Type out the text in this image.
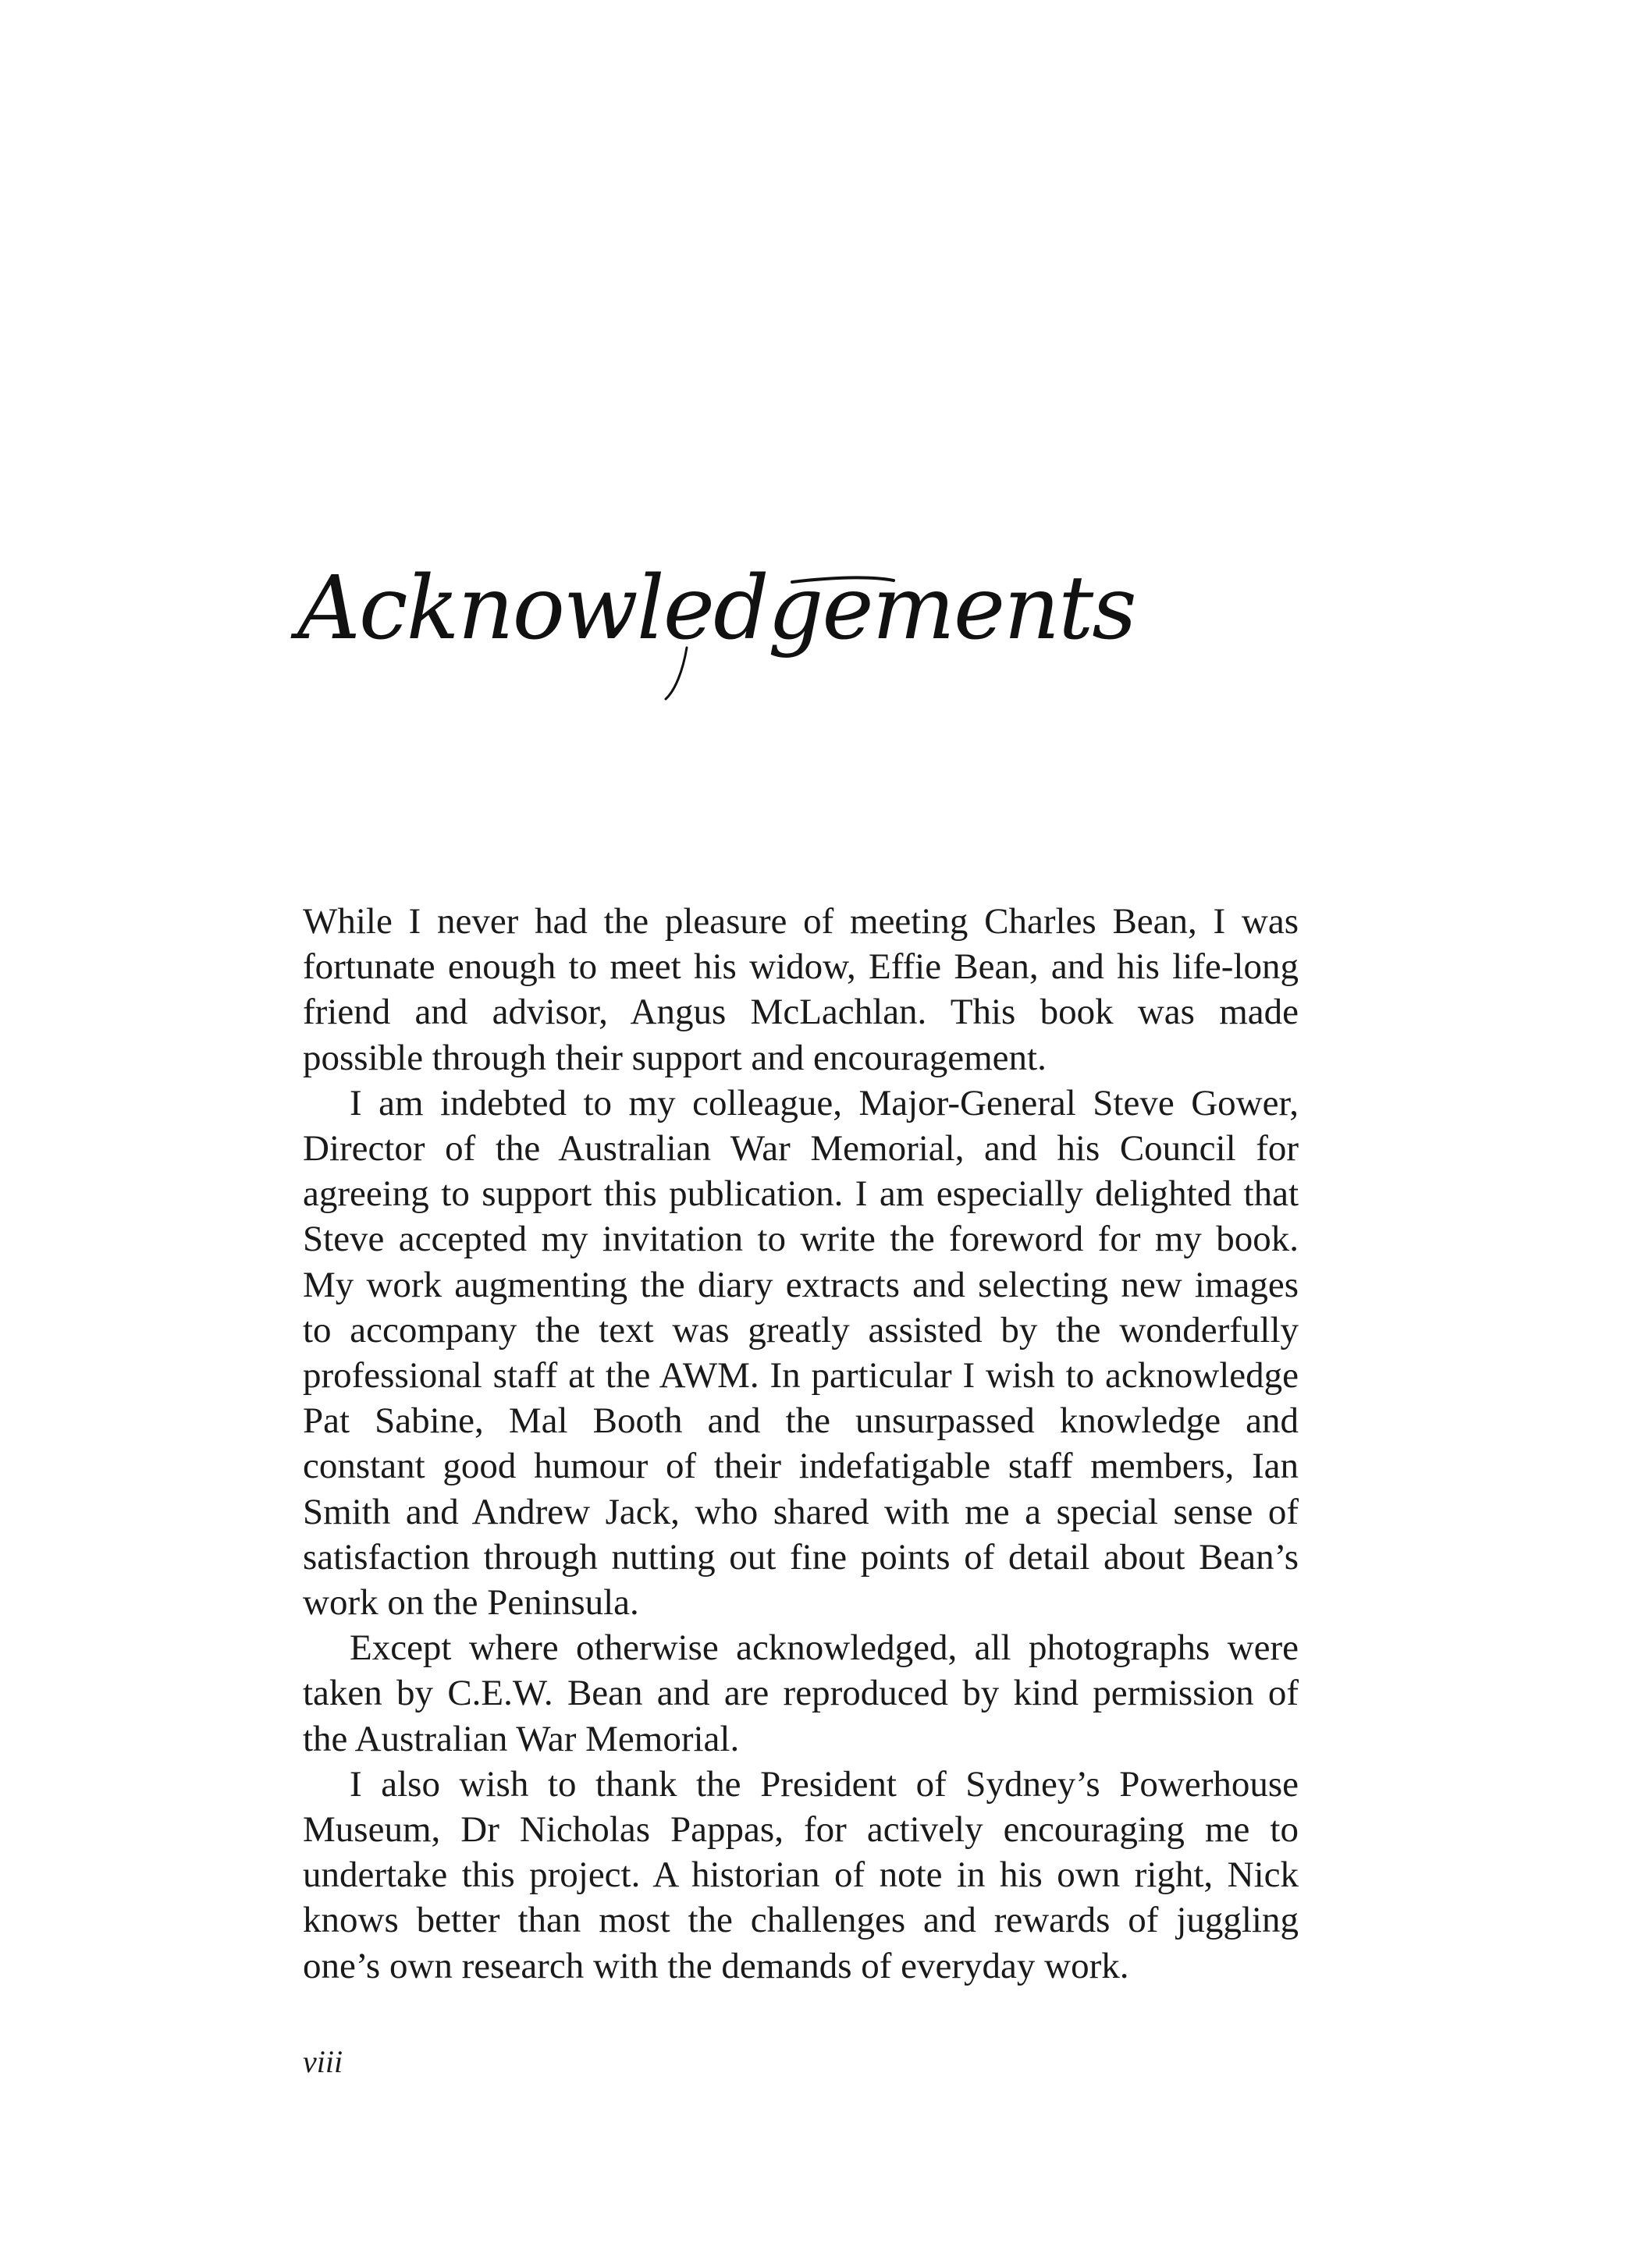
Acknowledgements

While I never had the pleasure of meeting Charles Bean, I was fortunate enough to meet his widow, Effie Bean, and his life-long friend and advisor, Angus McLachlan. This book was made possible through their support and encouragement.

I am indebted to my colleague, Major-General Steve Gower, Director of the Australian War Memorial, and his Council for agreeing to support this publication. I am especially delighted that Steve accepted my invitation to write the foreword for my book. My work augmenting the diary extracts and selecting new images to accompany the text was greatly assisted by the wonderfully professional staff at the AWM. In particular I wish to acknowledge Pat Sabine, Mal Booth and the unsurpassed knowledge and constant good humour of their indefatigable staff members, Ian Smith and Andrew Jack, who shared with me a special sense of satisfaction through nutting out fine points of detail about Bean’s work on the Peninsula.

Except where otherwise acknowledged, all photographs were taken by C.E.W. Bean and are reproduced by kind permission of the Australian War Memorial.

I also wish to thank the President of Sydney’s Powerhouse Museum, Dr Nicholas Pappas, for actively encouraging me to undertake this project. A historian of note in his own right, Nick knows better than most the challenges and rewards of juggling one’s own research with the demands of everyday work.

viii
